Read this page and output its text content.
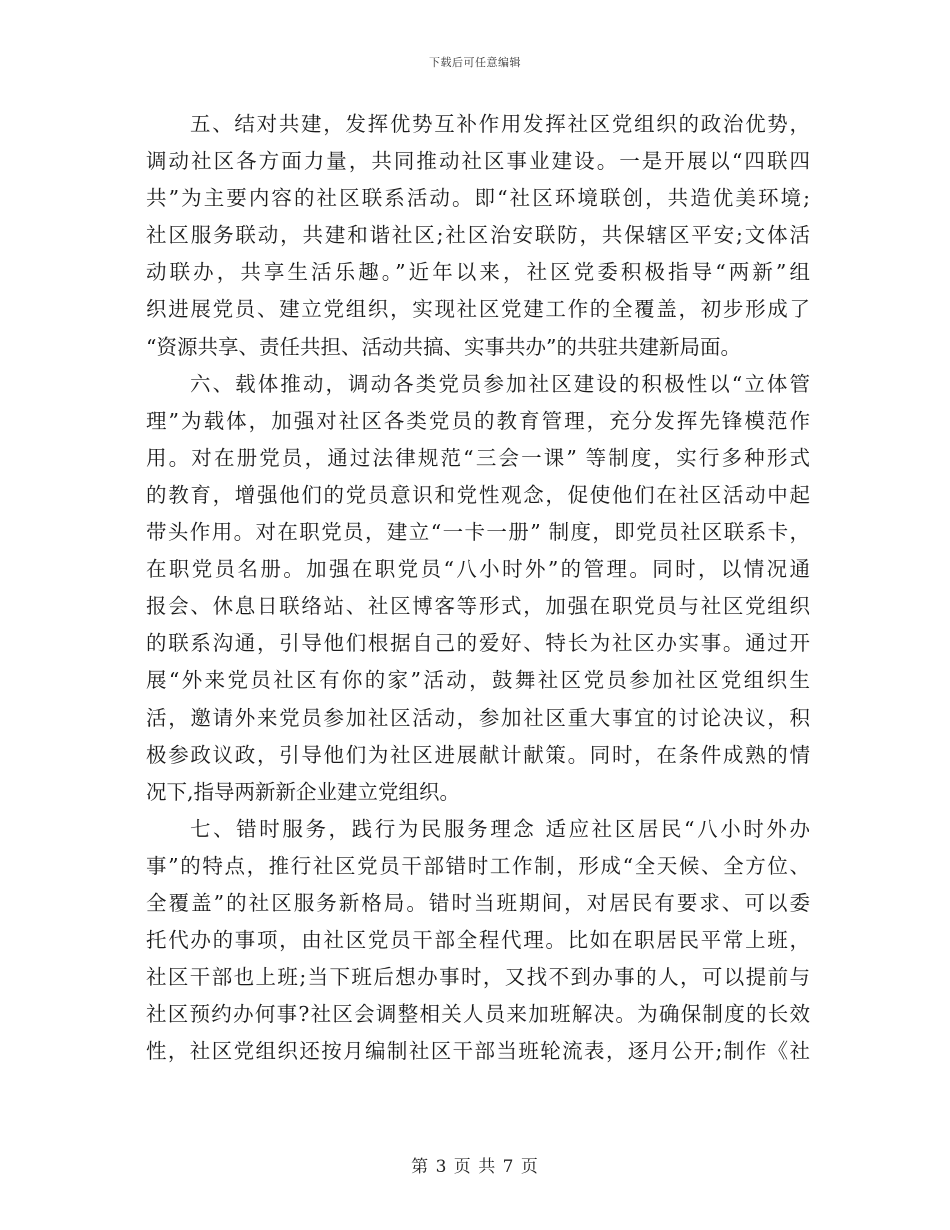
下载后可任意编辑
五、结对共建，发挥优势互补作用发挥社区党组织的政治优势，
调动社区各方面力量，共同推动社区事业建设。一是开展以“四联四
共”为主要内容的社区联系活动。即“社区环境联创，共造优美环境;
社区服务联动，共建和谐社区;社区治安联防，共保辖区平安;文体活
动联办，共享生活乐趣。”近年以来，社区党委积极指导“两新”组
织进展党员、建立党组织，实现社区党建工作的全覆盖，初步形成了
“资源共享、责任共担、活动共搞、实事共办”的共驻共建新局面。
六、载体推动，调动各类党员参加社区建设的积极性以“立体管
理”为载体，加强对社区各类党员的教育管理，充分发挥先锋模范作
用。对在册党员，通过法律规范“三会一课” 等制度，实行多种形式
的教育，增强他们的党员意识和党性观念，促使他们在社区活动中起
带头作用。对在职党员，建立“一卡一册” 制度，即党员社区联系卡，
在职党员名册。加强在职党员“八小时外”的管理。同时，以情况通
报会、休息日联络站、社区博客等形式，加强在职党员与社区党组织
的联系沟通，引导他们根据自己的爱好、特长为社区办实事。通过开
展“外来党员社区有你的家”活动，鼓舞社区党员参加社区党组织生
活，邀请外来党员参加社区活动，参加社区重大事宜的讨论决议，积
极参政议政，引导他们为社区进展献计献策。同时，在条件成熟的情
况下,指导两新新企业建立党组织。
七、错时服务，践行为民服务理念 适应社区居民“八小时外办
事”的特点，推行社区党员干部错时工作制，形成“全天候、全方位、
全覆盖”的社区服务新格局。错时当班期间，对居民有要求、可以委
托代办的事项，由社区党员干部全程代理。比如在职居民平常上班，
社区干部也上班;当下班后想办事时，又找不到办事的人，可以提前与
社区预约办何事?社区会调整相关人员来加班解决。为确保制度的长效
性，社区党组织还按月编制社区干部当班轮流表，逐月公开;制作《社
第 3 页 共 7 页
